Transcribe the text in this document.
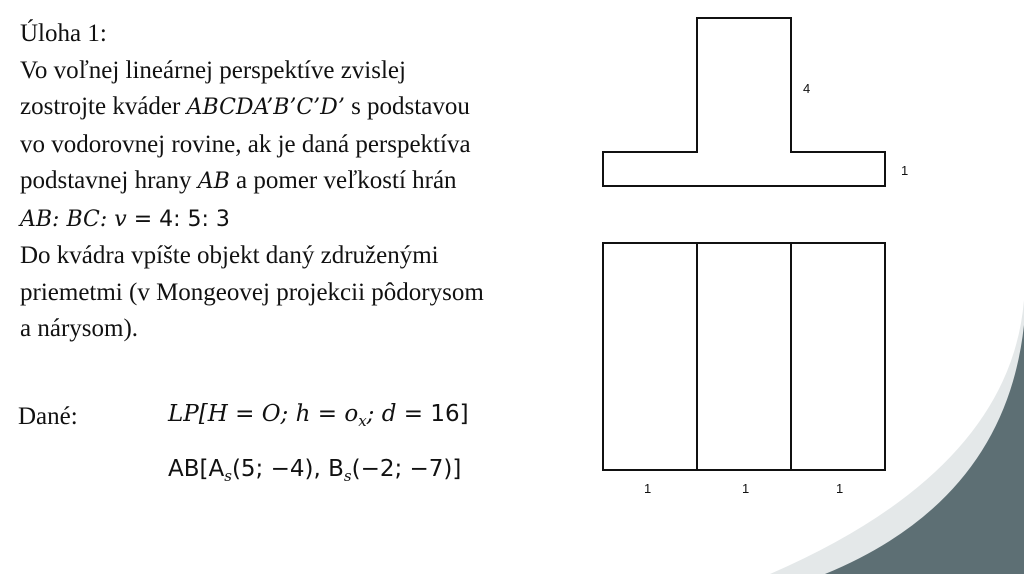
Úloha 1:
Vo voľnej lineárnej perspektíve zvislej
zostrojte kváder ABCDA’B’C’D’ s podstavou
vo vodorovnej rovine, ak je daná perspektíva
podstavnej hrany AB a pomer veľkostí hrán
AB: BC: v = 4: 5: 3
Do kvádra vpíšte objekt daný združenými
priemetmi (v Mongeovej projekcii pôdorysom
a nárysom).
Dané:	LP[H = O; $h = o_x$; d = 16]
$AB[A_s(5$; −4), $B_s(-2$; −7)]
4
1
1	1	1
